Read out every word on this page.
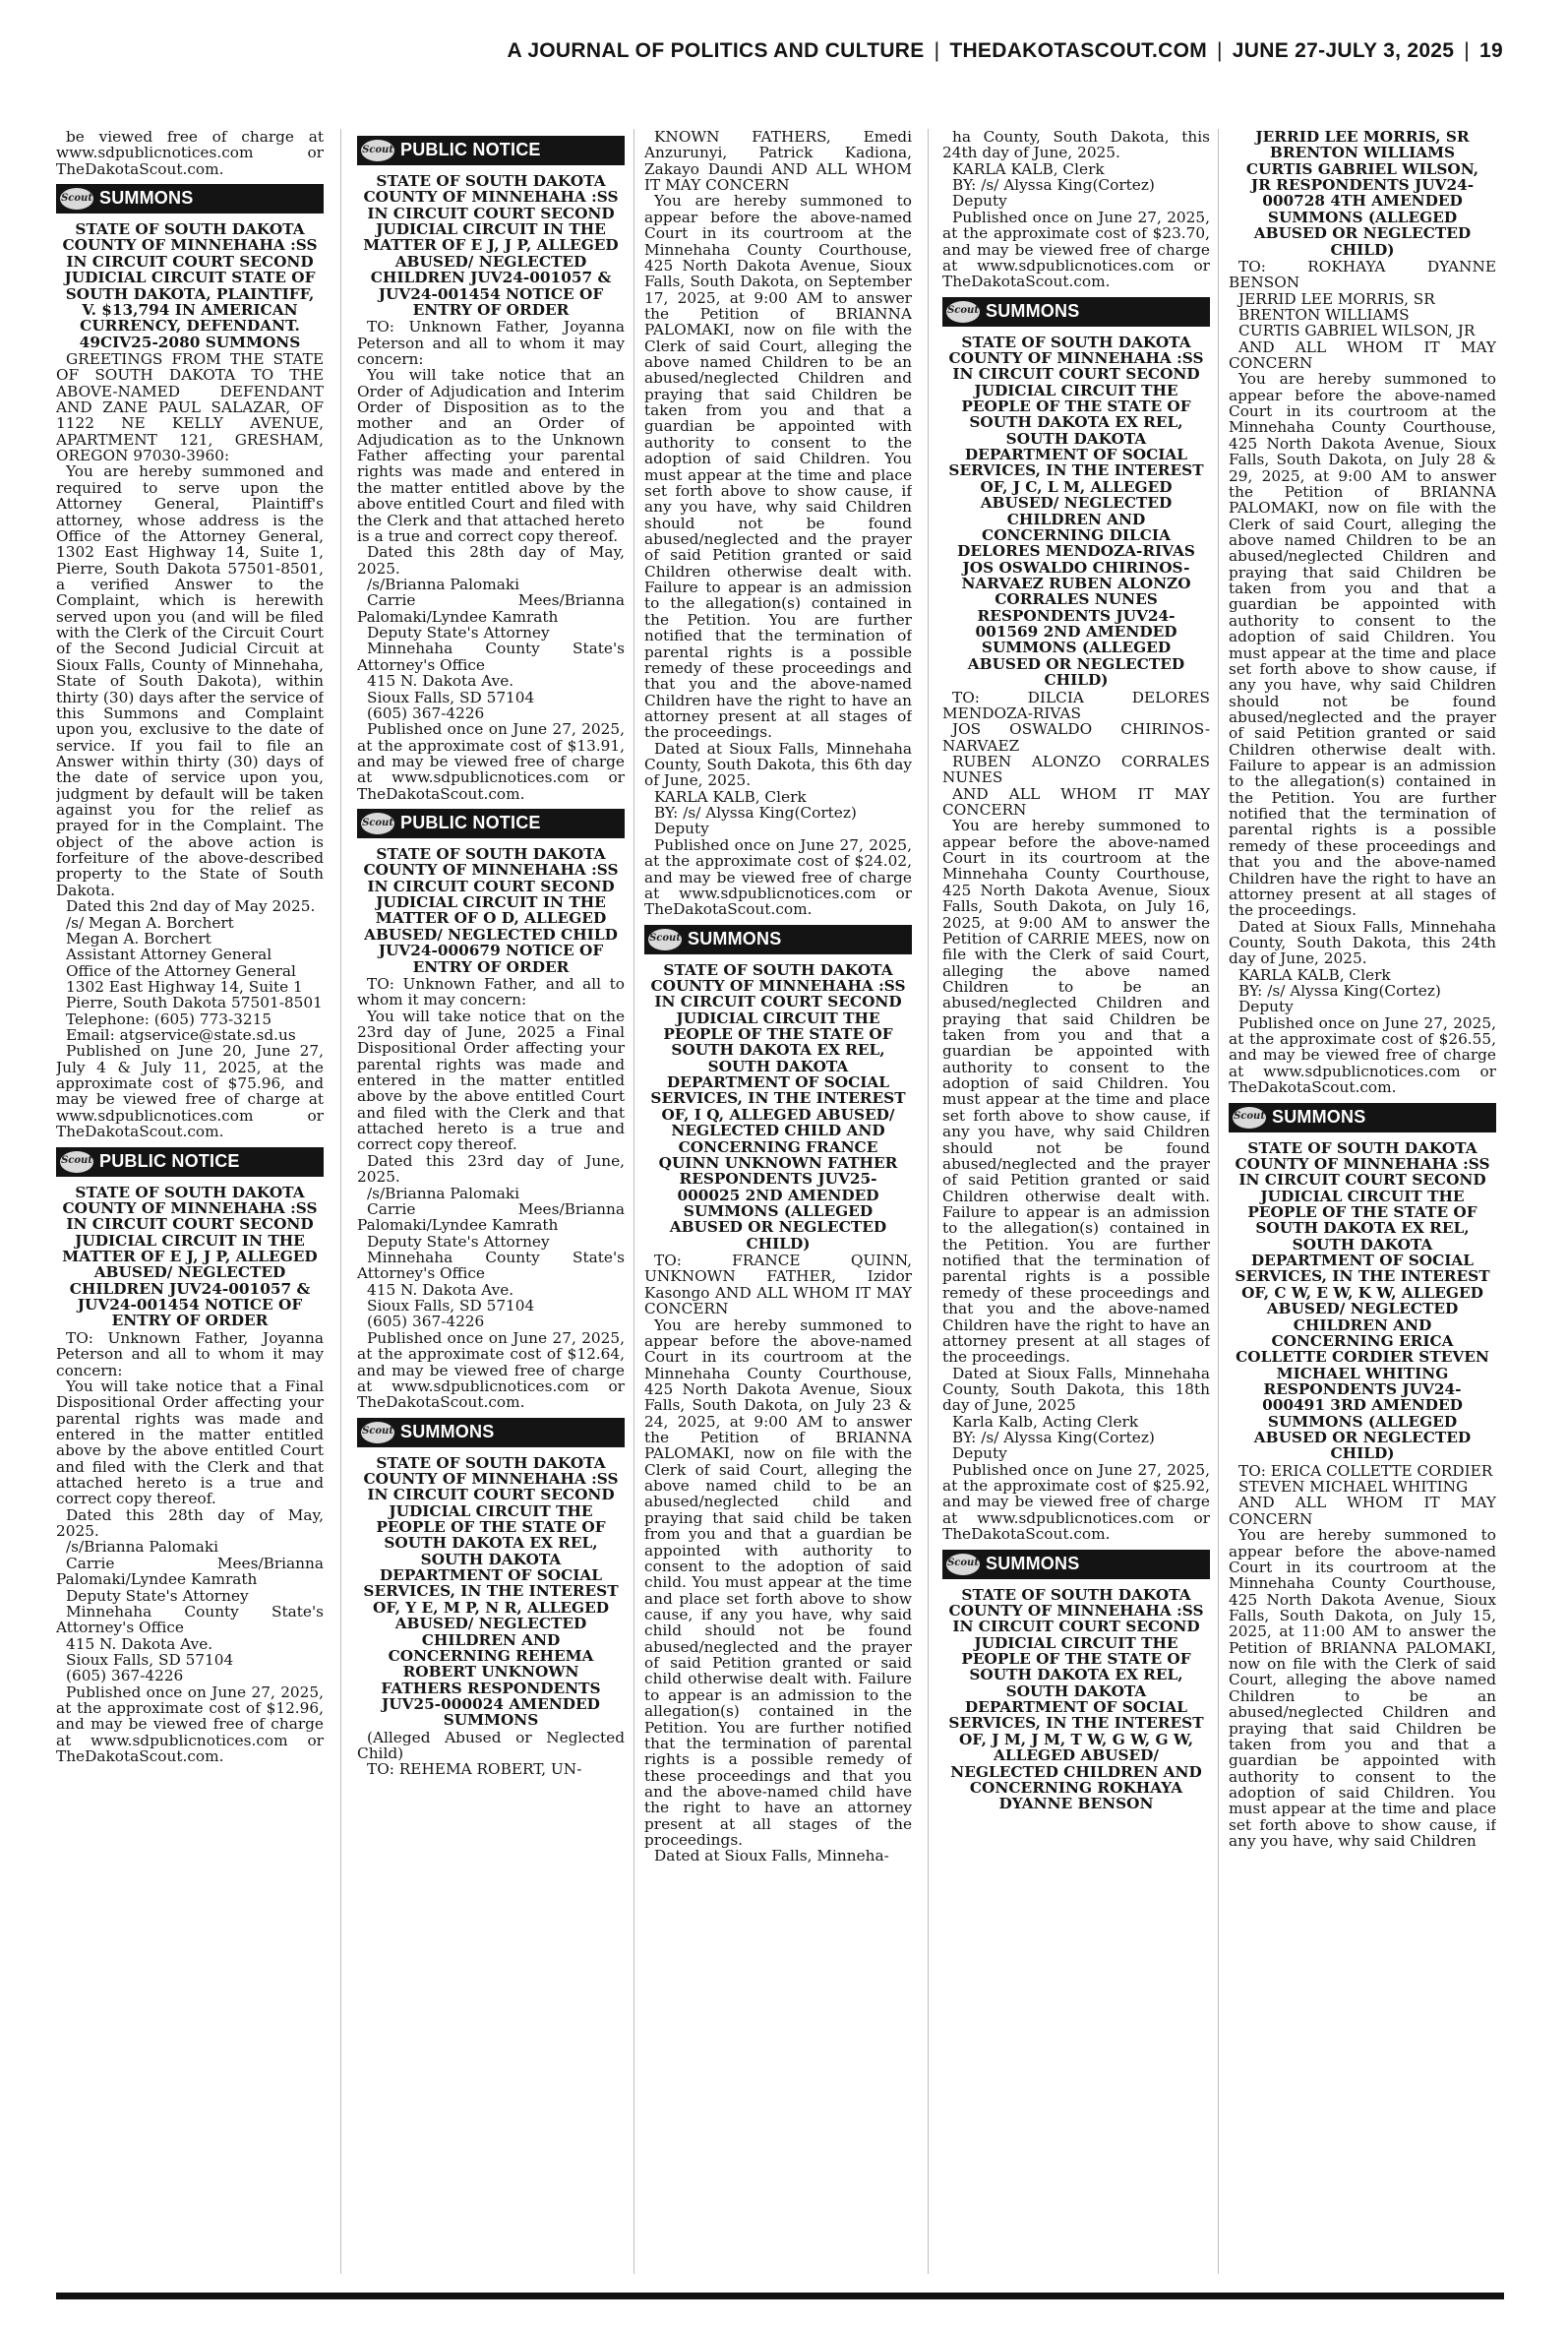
A JOURNAL OF POLITICS AND CULTURE | THEDAKOTASCOUT.COM | JUNE 27-JULY 3, 2025 | 19

be viewed free of charge at www.sdpublicnotices.com or TheDakotaScout.com.

Scout SUMMONS
STATE OF SOUTH DAKOTA COUNTY OF MINNEHAHA :SS IN CIRCUIT COURT SECOND JUDICIAL CIRCUIT STATE OF SOUTH DAKOTA, PLAINTIFF, V. $13,794 IN AMERICAN CURRENCY, DEFENDANT. 49CIV25-2080 SUMMONS

GREETINGS FROM THE STATE OF SOUTH DAKOTA TO THE ABOVE-NAMED DEFENDANT AND ZANE PAUL SALAZAR, OF 1122 NE KELLY AVENUE, APARTMENT 121, GRESHAM, OREGON 97030-3960:

You are hereby summoned and required to serve upon the Attorney General, Plaintiff's attorney, whose address is the Office of the Attorney General, 1302 East Highway 14, Suite 1, Pierre, South Dakota 57501-8501, a verified Answer to the Complaint, which is herewith served upon you (and will be filed with the Clerk of the Circuit Court of the Second Judicial Circuit at Sioux Falls, County of Minnehaha, State of South Dakota), within thirty (30) days after the service of this Summons and Complaint upon you, exclusive to the date of service. If you fail to file an Answer within thirty (30) days of the date of service upon you, judgment by default will be taken against you for the relief as prayed for in the Complaint. The object of the above action is forfeiture of the above-described property to the State of South Dakota.

Dated this 2nd day of May 2025.

/s/ Megan A. Borchert

Megan A. Borchert

Assistant Attorney General

Office of the Attorney General

1302 East Highway 14, Suite 1

Pierre, South Dakota 57501-8501

Telephone: (605) 773-3215

Email: atgservice@state.sd.us

Published on June 20, June 27, July 4 & July 11, 2025, at the approximate cost of $75.96, and may be viewed free of charge at www.sdpublicnotices.com or TheDakotaScout.com.

Scout PUBLIC NOTICE
STATE OF SOUTH DAKOTA COUNTY OF MINNEHAHA :SS IN CIRCUIT COURT SECOND JUDICIAL CIRCUIT IN THE MATTER OF E J, J P, ALLEGED ABUSED/ NEGLECTED CHILDREN JUV24-001057 & JUV24-001454 NOTICE OF ENTRY OF ORDER

TO: Unknown Father, Joyanna Peterson and all to whom it may concern:

You will take notice that a Final Dispositional Order affecting your parental rights was made and entered in the matter entitled above by the above entitled Court and filed with the Clerk and that attached hereto is a true and correct copy thereof.

Dated this 28th day of May, 2025.

/s/Brianna Palomaki

Carrie Mees/Brianna Palomaki/Lyndee Kamrath

Deputy State's Attorney

Minnehaha County State's Attorney's Office

415 N. Dakota Ave.

Sioux Falls, SD 57104

(605) 367-4226

Published once on June 27, 2025, at the approximate cost of $12.96, and may be viewed free of charge at www.sdpublicnotices.com or TheDakotaScout.com.

Scout PUBLIC NOTICE
STATE OF SOUTH DAKOTA COUNTY OF MINNEHAHA :SS IN CIRCUIT COURT SECOND JUDICIAL CIRCUIT IN THE MATTER OF E J, J P, ALLEGED ABUSED/ NEGLECTED CHILDREN JUV24-001057 & JUV24-001454 NOTICE OF ENTRY OF ORDER

TO: Unknown Father, Joyanna Peterson and all to whom it may concern:

You will take notice that an Order of Adjudication and Interim Order of Disposition as to the mother and an Order of Adjudication as to the Unknown Father affecting your parental rights was made and entered in the matter entitled above by the above entitled Court and filed with the Clerk and that attached hereto is a true and correct copy thereof.

Dated this 28th day of May, 2025.

/s/Brianna Palomaki

Carrie Mees/Brianna Palomaki/Lyndee Kamrath

Deputy State's Attorney

Minnehaha County State's Attorney's Office

415 N. Dakota Ave.

Sioux Falls, SD 57104

(605) 367-4226

Published once on June 27, 2025, at the approximate cost of $13.91, and may be viewed free of charge at www.sdpublicnotices.com or TheDakotaScout.com.

Scout PUBLIC NOTICE
STATE OF SOUTH DAKOTA COUNTY OF MINNEHAHA :SS IN CIRCUIT COURT SECOND JUDICIAL CIRCUIT IN THE MATTER OF O D, ALLEGED ABUSED/ NEGLECTED CHILD JUV24-000679 NOTICE OF ENTRY OF ORDER

TO: Unknown Father, and all to whom it may concern:

You will take notice that on the 23rd day of June, 2025 a Final Dispositional Order affecting your parental rights was made and entered in the matter entitled above by the above entitled Court and filed with the Clerk and that attached hereto is a true and correct copy thereof.

Dated this 23rd day of June, 2025.

/s/Brianna Palomaki

Carrie Mees/Brianna Palomaki/Lyndee Kamrath

Deputy State's Attorney

Minnehaha County State's Attorney's Office

415 N. Dakota Ave.

Sioux Falls, SD 57104

(605) 367-4226

Published once on June 27, 2025, at the approximate cost of $12.64, and may be viewed free of charge at www.sdpublicnotices.com or TheDakotaScout.com.

Scout SUMMONS
STATE OF SOUTH DAKOTA COUNTY OF MINNEHAHA :SS IN CIRCUIT COURT SECOND JUDICIAL CIRCUIT THE PEOPLE OF THE STATE OF SOUTH DAKOTA EX REL, SOUTH DAKOTA DEPARTMENT OF SOCIAL SERVICES, IN THE INTEREST OF, Y E, M P, N R, ALLEGED ABUSED/ NEGLECTED CHILDREN AND CONCERNING REHEMA ROBERT UNKNOWN FATHERS RESPONDENTS JUV25-000024 AMENDED SUMMONS

(Alleged Abused or Neglected Child)

TO: REHEMA ROBERT, UN-

KNOWN FATHERS, Emedi Anzurunyi, Patrick Kadiona, Zakayo Daundi AND ALL WHOM IT MAY CONCERN

You are hereby summoned to appear before the above-named Court in its courtroom at the Minnehaha County Courthouse, 425 North Dakota Avenue, Sioux Falls, South Dakota, on September 17, 2025, at 9:00 AM to answer the Petition of BRIANNA PALOMAKI, now on file with the Clerk of said Court, alleging the above named Children to be an abused/neglected Children and praying that said Children be taken from you and that a guardian be appointed with authority to consent to the adoption of said Children. You must appear at the time and place set forth above to show cause, if any you have, why said Children should not be found abused/neglected and the prayer of said Petition granted or said Children otherwise dealt with. Failure to appear is an admission to the allegation(s) contained in the Petition. You are further notified that the termination of parental rights is a possible remedy of these proceedings and that you and the above-named Children have the right to have an attorney present at all stages of the proceedings.

Dated at Sioux Falls, Minnehaha County, South Dakota, this 6th day of June, 2025.

KARLA KALB, Clerk

BY: /s/ Alyssa King(Cortez)

Deputy

Published once on June 27, 2025, at the approximate cost of $24.02, and may be viewed free of charge at www.sdpublicnotices.com or TheDakotaScout.com.

Scout SUMMONS
STATE OF SOUTH DAKOTA COUNTY OF MINNEHAHA :SS IN CIRCUIT COURT SECOND JUDICIAL CIRCUIT THE PEOPLE OF THE STATE OF SOUTH DAKOTA EX REL, SOUTH DAKOTA DEPARTMENT OF SOCIAL SERVICES, IN THE INTEREST OF, I Q, ALLEGED ABUSED/ NEGLECTED CHILD AND CONCERNING FRANCE QUINN UNKNOWN FATHER RESPONDENTS JUV25-000025 2ND AMENDED SUMMONS (ALLEGED ABUSED OR NEGLECTED CHILD)

TO: FRANCE QUINN, UNKNOWN FATHER, Izidor Kasongo AND ALL WHOM IT MAY CONCERN

You are hereby summoned to appear before the above-named Court in its courtroom at the Minnehaha County Courthouse, 425 North Dakota Avenue, Sioux Falls, South Dakota, on July 23 & 24, 2025, at 9:00 AM to answer the Petition of BRIANNA PALOMAKI, now on file with the Clerk of said Court, alleging the above named child to be an abused/neglected child and praying that said child be taken from you and that a guardian be appointed with authority to consent to the adoption of said child. You must appear at the time and place set forth above to show cause, if any you have, why said child should not be found abused/neglected and the prayer of said Petition granted or said child otherwise dealt with. Failure to appear is an admission to the allegation(s) contained in the Petition. You are further notified that the termination of parental rights is a possible remedy of these proceedings and that you and the above-named child have the right to have an attorney present at all stages of the proceedings.

Dated at Sioux Falls, Minneha-

ha County, South Dakota, this 24th day of June, 2025.

KARLA KALB, Clerk

BY: /s/ Alyssa King(Cortez)

Deputy

Published once on June 27, 2025, at the approximate cost of $23.70, and may be viewed free of charge at www.sdpublicnotices.com or TheDakotaScout.com.

Scout SUMMONS
STATE OF SOUTH DAKOTA COUNTY OF MINNEHAHA :SS IN CIRCUIT COURT SECOND JUDICIAL CIRCUIT THE PEOPLE OF THE STATE OF SOUTH DAKOTA EX REL, SOUTH DAKOTA DEPARTMENT OF SOCIAL SERVICES, IN THE INTEREST OF, J C, L M, ALLEGED ABUSED/ NEGLECTED CHILDREN AND CONCERNING DILCIA DELORES MENDOZA-RIVAS JOS OSWALDO CHIRINOS-NARVAEZ RUBEN ALONZO CORRALES NUNES RESPONDENTS JUV24-001569 2ND AMENDED SUMMONS (ALLEGED ABUSED OR NEGLECTED CHILD)

TO: DILCIA DELORES MENDOZA-RIVAS

JOS OSWALDO CHIRINOS-NARVAEZ

RUBEN ALONZO CORRALES NUNES

AND ALL WHOM IT MAY CONCERN

You are hereby summoned to appear before the above-named Court in its courtroom at the Minnehaha County Courthouse, 425 North Dakota Avenue, Sioux Falls, South Dakota, on July 16, 2025, at 9:00 AM to answer the Petition of CARRIE MEES, now on file with the Clerk of said Court, alleging the above named Children to be an abused/neglected Children and praying that said Children be taken from you and that a guardian be appointed with authority to consent to the adoption of said Children. You must appear at the time and place set forth above to show cause, if any you have, why said Children should not be found abused/neglected and the prayer of said Petition granted or said Children otherwise dealt with. Failure to appear is an admission to the allegation(s) contained in the Petition. You are further notified that the termination of parental rights is a possible remedy of these proceedings and that you and the above-named Children have the right to have an attorney present at all stages of the proceedings.

Dated at Sioux Falls, Minnehaha County, South Dakota, this 18th day of June, 2025

Karla Kalb, Acting Clerk

BY: /s/ Alyssa King(Cortez)

Deputy

Published once on June 27, 2025, at the approximate cost of $25.92, and may be viewed free of charge at www.sdpublicnotices.com or TheDakotaScout.com.

Scout SUMMONS
STATE OF SOUTH DAKOTA COUNTY OF MINNEHAHA :SS IN CIRCUIT COURT SECOND JUDICIAL CIRCUIT THE PEOPLE OF THE STATE OF SOUTH DAKOTA EX REL, SOUTH DAKOTA DEPARTMENT OF SOCIAL SERVICES, IN THE INTEREST OF, J M, J M, T W, G W, G W, ALLEGED ABUSED/ NEGLECTED CHILDREN AND CONCERNING ROKHAYA DYANNE BENSON
JERRID LEE MORRIS, SR BRENTON WILLIAMS CURTIS GABRIEL WILSON, JR RESPONDENTS JUV24-000728 4TH AMENDED SUMMONS (ALLEGED ABUSED OR NEGLECTED CHILD)

TO: ROKHAYA DYANNE BENSON

JERRID LEE MORRIS, SR

BRENTON WILLIAMS

CURTIS GABRIEL WILSON, JR

AND ALL WHOM IT MAY CONCERN

You are hereby summoned to appear before the above-named Court in its courtroom at the Minnehaha County Courthouse, 425 North Dakota Avenue, Sioux Falls, South Dakota, on July 28 & 29, 2025, at 9:00 AM to answer the Petition of BRIANNA PALOMAKI, now on file with the Clerk of said Court, alleging the above named Children to be an abused/neglected Children and praying that said Children be taken from you and that a guardian be appointed with authority to consent to the adoption of said Children. You must appear at the time and place set forth above to show cause, if any you have, why said Children should not be found abused/neglected and the prayer of said Petition granted or said Children otherwise dealt with. Failure to appear is an admission to the allegation(s) contained in the Petition. You are further notified that the termination of parental rights is a possible remedy of these proceedings and that you and the above-named Children have the right to have an attorney present at all stages of the proceedings.

Dated at Sioux Falls, Minnehaha County, South Dakota, this 24th day of June, 2025.

KARLA KALB, Clerk

BY: /s/ Alyssa King(Cortez)

Deputy

Published once on June 27, 2025, at the approximate cost of $26.55, and may be viewed free of charge at www.sdpublicnotices.com or TheDakotaScout.com.

Scout SUMMONS
STATE OF SOUTH DAKOTA COUNTY OF MINNEHAHA :SS IN CIRCUIT COURT SECOND JUDICIAL CIRCUIT THE PEOPLE OF THE STATE OF SOUTH DAKOTA EX REL, SOUTH DAKOTA DEPARTMENT OF SOCIAL SERVICES, IN THE INTEREST OF, C W, E W, K W, ALLEGED ABUSED/ NEGLECTED CHILDREN AND CONCERNING ERICA COLLETTE CORDIER STEVEN MICHAEL WHITING RESPONDENTS JUV24-000491 3RD AMENDED SUMMONS (ALLEGED ABUSED OR NEGLECTED CHILD)

TO: ERICA COLLETTE CORDIER

STEVEN MICHAEL WHITING

AND ALL WHOM IT MAY CONCERN

You are hereby summoned to appear before the above-named Court in its courtroom at the Minnehaha County Courthouse, 425 North Dakota Avenue, Sioux Falls, South Dakota, on July 15, 2025, at 11:00 AM to answer the Petition of BRIANNA PALOMAKI, now on file with the Clerk of said Court, alleging the above named Children to be an abused/neglected Children and praying that said Children be taken from you and that a guardian be appointed with authority to consent to the adoption of said Children. You must appear at the time and place set forth above to show cause, if any you have, why said Children
